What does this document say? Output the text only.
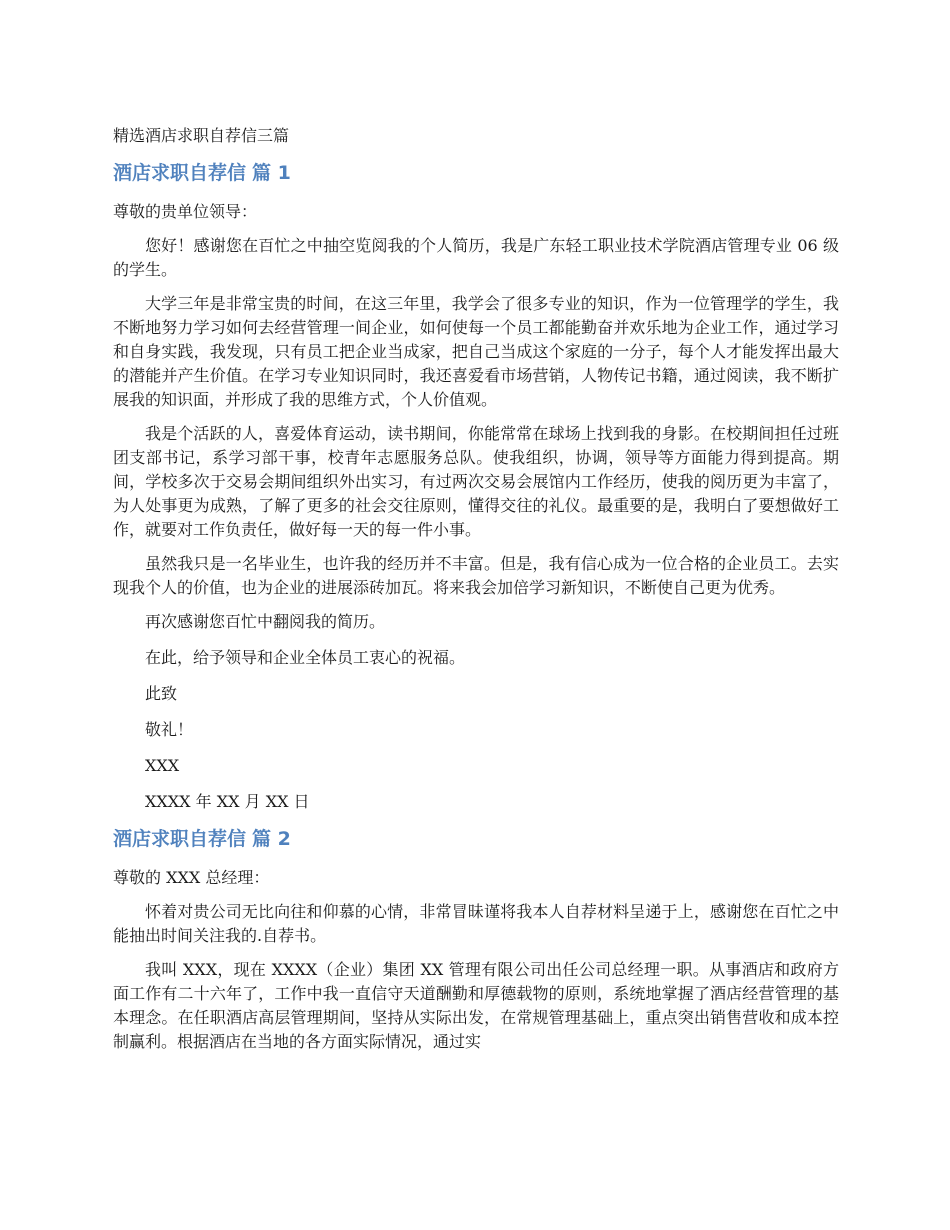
精选酒店求职自荐信三篇

酒店求职自荐信 篇 1

尊敬的贵单位领导：

您好！感谢您在百忙之中抽空览阅我的个人简历，我是广东轻工职业技术学院酒店管理专业 06 级的学生。

大学三年是非常宝贵的时间，在这三年里，我学会了很多专业的知识，作为一位管理学的学生，我不断地努力学习如何去经营管理一间企业，如何使每一个员工都能勤奋并欢乐地为企业工作，通过学习和自身实践，我发现，只有员工把企业当成家，把自己当成这个家庭的一分子，每个人才能发挥出最大的潜能并产生价值。在学习专业知识同时，我还喜爱看市场营销，人物传记书籍，通过阅读，我不断扩展我的知识面，并形成了我的思维方式，个人价值观。

我是个活跃的人，喜爱体育运动，读书期间，你能常常在球场上找到我的身影。在校期间担任过班团支部书记，系学习部干事，校青年志愿服务总队。使我组织，协调，领导等方面能力得到提高。期间，学校多次于交易会期间组织外出实习，有过两次交易会展馆内工作经历，使我的阅历更为丰富了，为人处事更为成熟，了解了更多的社会交往原则，懂得交往的礼仪。最重要的是，我明白了要想做好工作，就要对工作负责任，做好每一天的每一件小事。

虽然我只是一名毕业生，也许我的经历并不丰富。但是，我有信心成为一位合格的企业员工。去实现我个人的价值，也为企业的进展添砖加瓦。将来我会加倍学习新知识，不断使自己更为优秀。

再次感谢您百忙中翻阅我的简历。

在此，给予领导和企业全体员工衷心的祝福。

此致

敬礼！

XXX

XXXX 年 XX 月 XX 日

酒店求职自荐信 篇 2

尊敬的 XXX 总经理：

怀着对贵公司无比向往和仰慕的心情，非常冒昧谨将我本人自荐材料呈递于上，感谢您在百忙之中能抽出时间关注我的.自荐书。

我叫 XXX，现在 XXXX（企业）集团 XX 管理有限公司出任公司总经理一职。从事酒店和政府方面工作有二十六年了，工作中我一直信守天道酬勤和厚德载物的原则，系统地掌握了酒店经营管理的基本理念。在任职酒店高层管理期间，坚持从实际出发，在常规管理基础上，重点突出销售营收和成本控制赢利。根据酒店在当地的各方面实际情况，通过实
